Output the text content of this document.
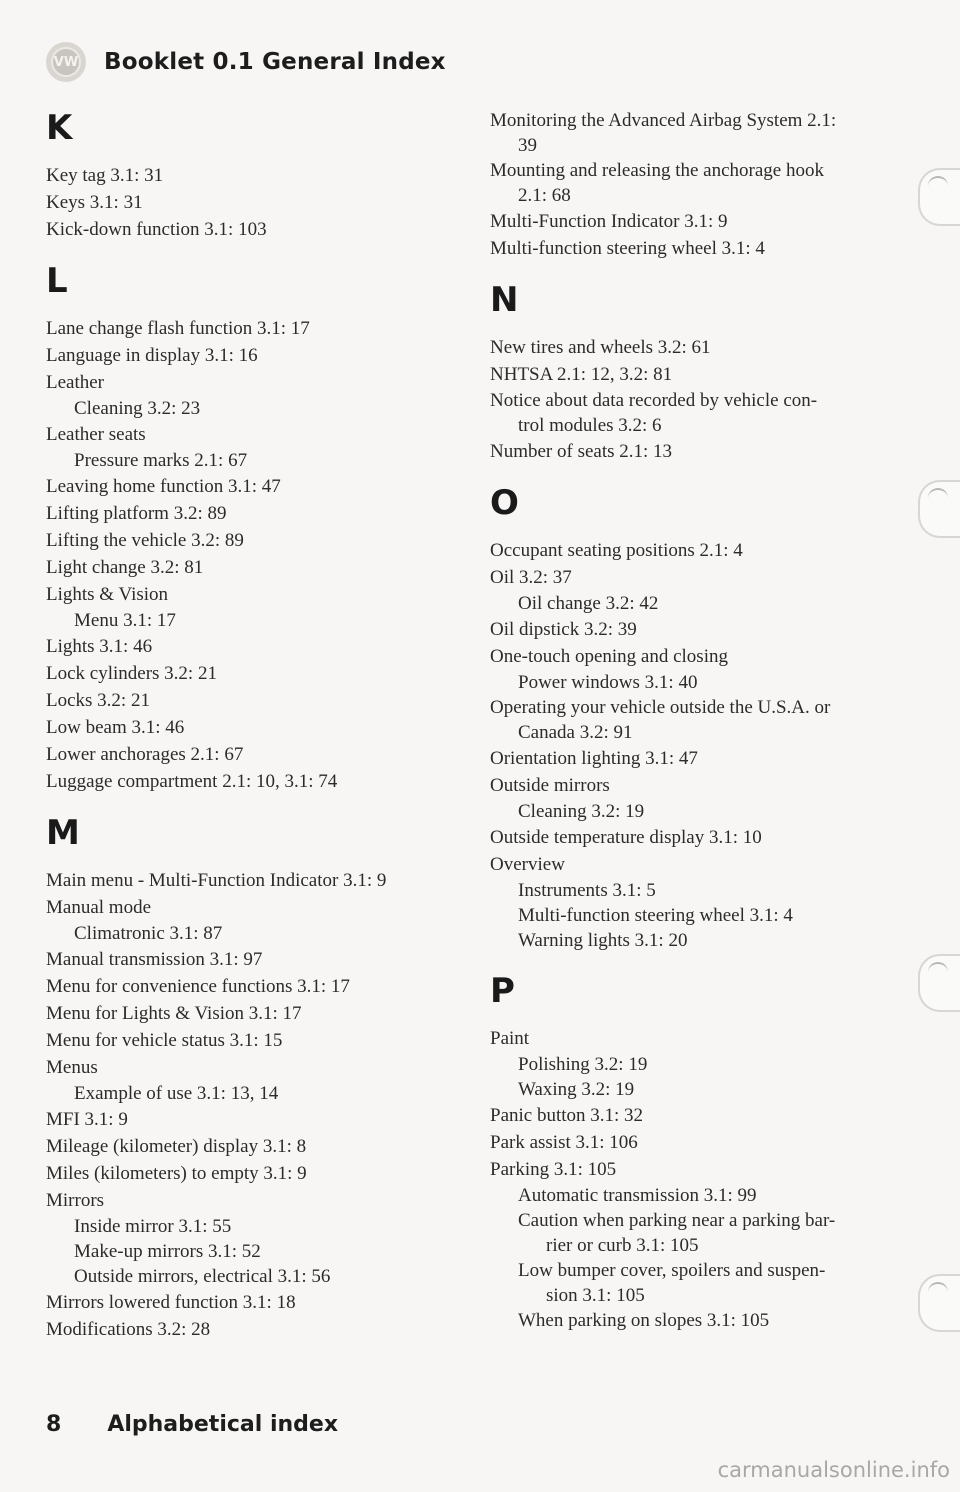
VW Booklet 0.1 General Index
K
Key tag 3.1: 31
Keys 3.1: 31
Kick-down function 3.1: 103
L
Lane change flash function 3.1: 17
Language in display 3.1: 16
Leather
Cleaning 3.2: 23
Leather seats
Pressure marks 2.1: 67
Leaving home function 3.1: 47
Lifting platform 3.2: 89
Lifting the vehicle 3.2: 89
Light change 3.2: 81
Lights & Vision
Menu 3.1: 17
Lights 3.1: 46
Lock cylinders 3.2: 21
Locks 3.2: 21
Low beam 3.1: 46
Lower anchorages 2.1: 67
Luggage compartment 2.1: 10, 3.1: 74
M
Main menu - Multi-Function Indicator 3.1: 9
Manual mode
Climatronic 3.1: 87
Manual transmission 3.1: 97
Menu for convenience functions 3.1: 17
Menu for Lights & Vision 3.1: 17
Menu for vehicle status 3.1: 15
Menus
Example of use 3.1: 13, 14
MFI 3.1: 9
Mileage (kilometer) display 3.1: 8
Miles (kilometers) to empty 3.1: 9
Mirrors
Inside mirror 3.1: 55
Make-up mirrors 3.1: 52
Outside mirrors, electrical 3.1: 56
Mirrors lowered function 3.1: 18
Modifications 3.2: 28
Monitoring the Advanced Airbag System 2.1:
39
Mounting and releasing the anchorage hook
2.1: 68
Multi-Function Indicator 3.1: 9
Multi-function steering wheel 3.1: 4
N
New tires and wheels 3.2: 61
NHTSA 2.1: 12, 3.2: 81
Notice about data recorded by vehicle con-
trol modules 3.2: 6
Number of seats 2.1: 13
O
Occupant seating positions 2.1: 4
Oil 3.2: 37
Oil change 3.2: 42
Oil dipstick 3.2: 39
One-touch opening and closing
Power windows 3.1: 40
Operating your vehicle outside the U.S.A. or
Canada 3.2: 91
Orientation lighting 3.1: 47
Outside mirrors
Cleaning 3.2: 19
Outside temperature display 3.1: 10
Overview
Instruments 3.1: 5
Multi-function steering wheel 3.1: 4
Warning lights 3.1: 20
P
Paint
Polishing 3.2: 19
Waxing 3.2: 19
Panic button 3.1: 32
Park assist 3.1: 106
Parking 3.1: 105
Automatic transmission 3.1: 99
Caution when parking near a parking bar-
rier or curb 3.1: 105
Low bumper cover, spoilers and suspen-
sion 3.1: 105
When parking on slopes 3.1: 105
8 Alphabetical index
carmanualsonline.info
